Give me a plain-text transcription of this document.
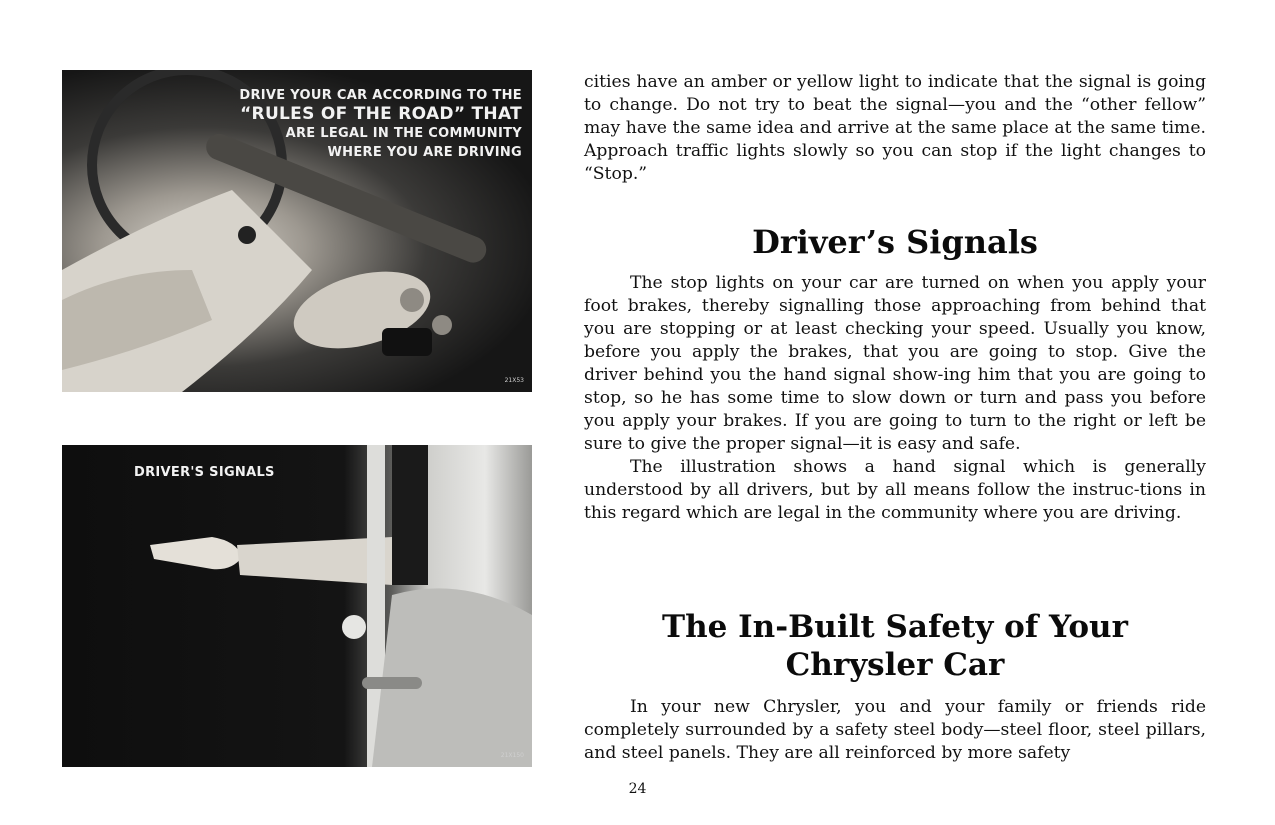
DRIVE YOUR CAR ACCORDING TO THE
“RULES OF THE ROAD” THAT
ARE LEGAL IN THE COMMUNITY
WHERE YOU ARE DRIVING
21X53
DRIVER'S SIGNALS
21X150

cities have an amber or yellow light to indicate that the signal is going to change. Do not try to beat the signal—you and the “other fellow” may have the same idea and arrive at the same place at the same time. Approach traffic lights slowly so you can stop if the light changes to “Stop.”

Driver’s Signals

The stop lights on your car are turned on when you apply your foot brakes, thereby signalling those approaching from behind that you are stopping or at least checking your speed. Usually you know, before you apply the brakes, that you are going to stop. Give the driver behind you the hand signal show-ing him that you are going to stop, so he has some time to slow down or turn and pass you before you apply your brakes. If you are going to turn to the right or left be sure to give the proper signal—it is easy and safe.

The illustration shows a hand signal which is generally understood by all drivers, but by all means follow the instruc-tions in this regard which are legal in the community where you are driving.

The In-Built Safety of Your
Chrysler Car

In your new Chrysler, you and your family or friends ride completely surrounded by a safety steel body—steel floor, steel pillars, and steel panels. They are all reinforced by more safety

24
